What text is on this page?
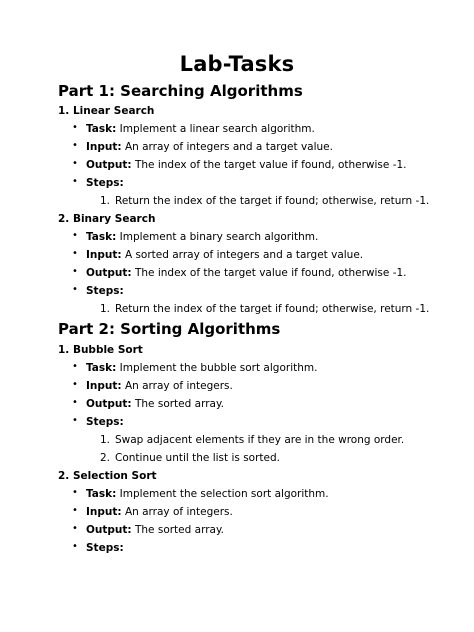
Lab-Tasks
Part 1: Searching Algorithms
1. Linear Search
• Task: Implement a linear search algorithm.
• Input: An array of integers and a target value.
• Output: The index of the target value if found, otherwise -1.
• Steps:
1. Return the index of the target if found; otherwise, return -1.
2. Binary Search
• Task: Implement a binary search algorithm.
• Input: A sorted array of integers and a target value.
• Output: The index of the target value if found, otherwise -1.
• Steps:
1. Return the index of the target if found; otherwise, return -1.
Part 2: Sorting Algorithms
1. Bubble Sort
• Task: Implement the bubble sort algorithm.
• Input: An array of integers.
• Output: The sorted array.
• Steps:
1. Swap adjacent elements if they are in the wrong order.
2. Continue until the list is sorted.
2. Selection Sort
• Task: Implement the selection sort algorithm.
• Input: An array of integers.
• Output: The sorted array.
• Steps:
